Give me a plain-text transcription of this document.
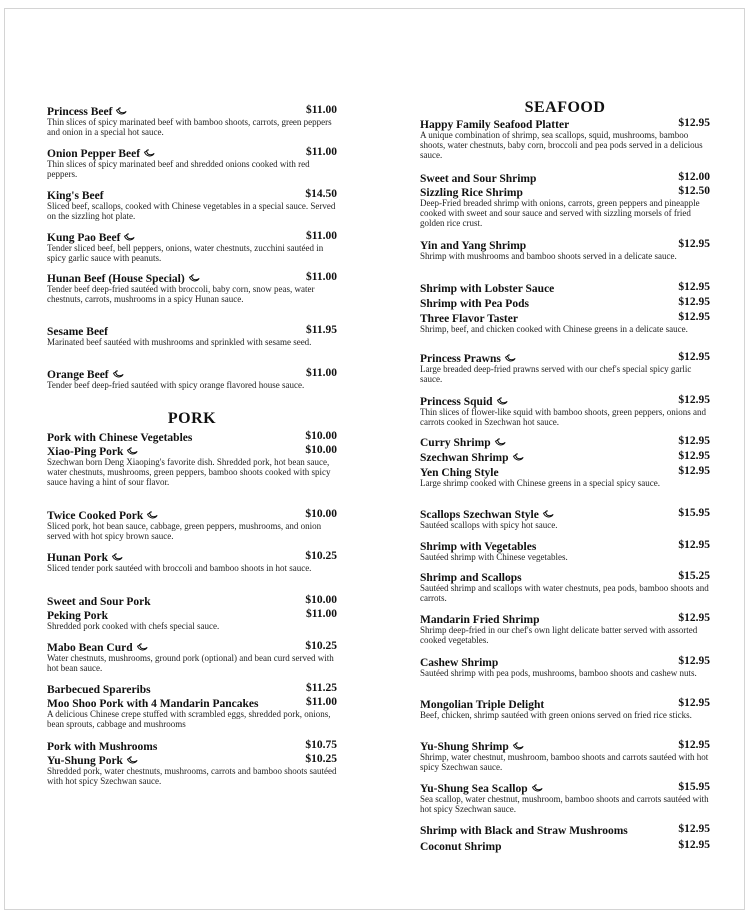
Princess Beef	$11.00

Thin slices of spicy marinated beef with bamboo shoots, carrots, green peppers and onion in a special hot sauce.

Onion Pepper Beef	$11.00

Thin slices of spicy marinated beef and shredded onions cooked with red peppers.

King's Beef	$14.50

Sliced beef, scallops, cooked with Chinese vegetables in a special sauce. Served on the sizzling hot plate.

Kung Pao Beef	$11.00

Tender sliced beef, bell peppers, onions, water chestnuts, zucchini sautéed in spicy garlic sauce with peanuts.

Hunan Beef (House Special)	$11.00

Tender beef deep-fried sautéed with broccoli, baby corn, snow peas, water chestnuts, carrots, mushrooms in a spicy Hunan sauce.

Sesame Beef	$11.95

Marinated beef sautéed with mushrooms and sprinkled with sesame seed.

Orange Beef	$11.00

Tender beef deep-fried sautéed with spicy orange flavored house sauce.

PORK
Pork with Chinese Vegetables	$10.00
Xiao-Ping Pork	$10.00

Szechwan born Deng Xiaoping's favorite dish. Shredded pork, hot bean sauce, water chestnuts, mushrooms, green peppers, bamboo shoots cooked with spicy sauce having a hint of sour flavor.

Twice Cooked Pork	$10.00

Sliced pork, hot bean sauce, cabbage, green peppers, mushrooms, and onion served with hot spicy brown sauce.

Hunan Pork	$10.25

Sliced tender pork sautéed with broccoli and bamboo shoots in hot sauce.

Sweet and Sour Pork	$10.00
Peking Pork	$11.00

Shredded pork cooked with chefs special sauce.

Mabo Bean Curd	$10.25

Water chestnuts, mushrooms, ground pork (optional) and bean curd served with hot bean sauce.

Barbecued Spareribs	$11.25
Moo Shoo Pork with 4 Mandarin Pancakes	$11.00

A delicious Chinese crepe stuffed with scrambled eggs, shredded pork, onions, bean sprouts, cabbage and mushrooms

Pork with Mushrooms	$10.75
Yu-Shung Pork	$10.25

Shredded pork, water chestnuts, mushrooms, carrots and bamboo shoots sautéed with hot spicy Szechwan sauce.

SEAFOOD
Happy Family Seafood Platter	$12.95

A unique combination of shrimp, sea scallops, squid, mushrooms, bamboo shoots, water chestnuts, baby corn, broccoli and pea pods served in a delicious sauce.

Sweet and Sour Shrimp	$12.00
Sizzling Rice Shrimp	$12.50

Deep-Fried breaded shrimp with onions, carrots, green peppers and pineapple cooked with sweet and sour sauce and served with sizzling morsels of fried golden rice crust.

Yin and Yang Shrimp	$12.95

Shrimp with mushrooms and bamboo shoots served in a delicate sauce.

Shrimp with Lobster Sauce	$12.95
Shrimp with Pea Pods	$12.95
Three Flavor Taster	$12.95

Shrimp, beef, and chicken cooked with Chinese greens in a delicate sauce.

Princess Prawns	$12.95

Large breaded deep-fried prawns served with our chef's special spicy garlic sauce.

Princess Squid	$12.95

Thin slices of flower-like squid with bamboo shoots, green peppers, onions and carrots cooked in Szechwan hot sauce.

Curry Shrimp	$12.95
Szechwan Shrimp	$12.95
Yen Ching Style	$12.95

Large shrimp cooked with Chinese greens in a special spicy sauce.

Scallops Szechwan Style	$15.95

Sautéed scallops with spicy hot sauce.

Shrimp with Vegetables	$12.95

Sautéed shrimp with Chinese vegetables.

Shrimp and Scallops	$15.25

Sautéed shrimp and scallops with water chestnuts, pea pods, bamboo shoots and carrots.

Mandarin Fried Shrimp	$12.95

Shrimp deep-fried in our chef's own light delicate batter served with assorted cooked vegetables.

Cashew Shrimp	$12.95

Sautéed shrimp with pea pods, mushrooms, bamboo shoots and cashew nuts.

Mongolian Triple Delight	$12.95

Beef, chicken, shrimp sautéed with green onions served on fried rice sticks.

Yu-Shung Shrimp	$12.95

Shrimp, water chestnut, mushroom, bamboo shoots and carrots sautéed with hot spicy Szechwan sauce.

Yu-Shung Sea Scallop	$15.95

Sea scallop, water chestnut, mushroom, bamboo shoots and carrots sautéed with hot spicy Szechwan sauce.

Shrimp with Black and Straw Mushrooms	$12.95
Coconut Shrimp	$12.95
